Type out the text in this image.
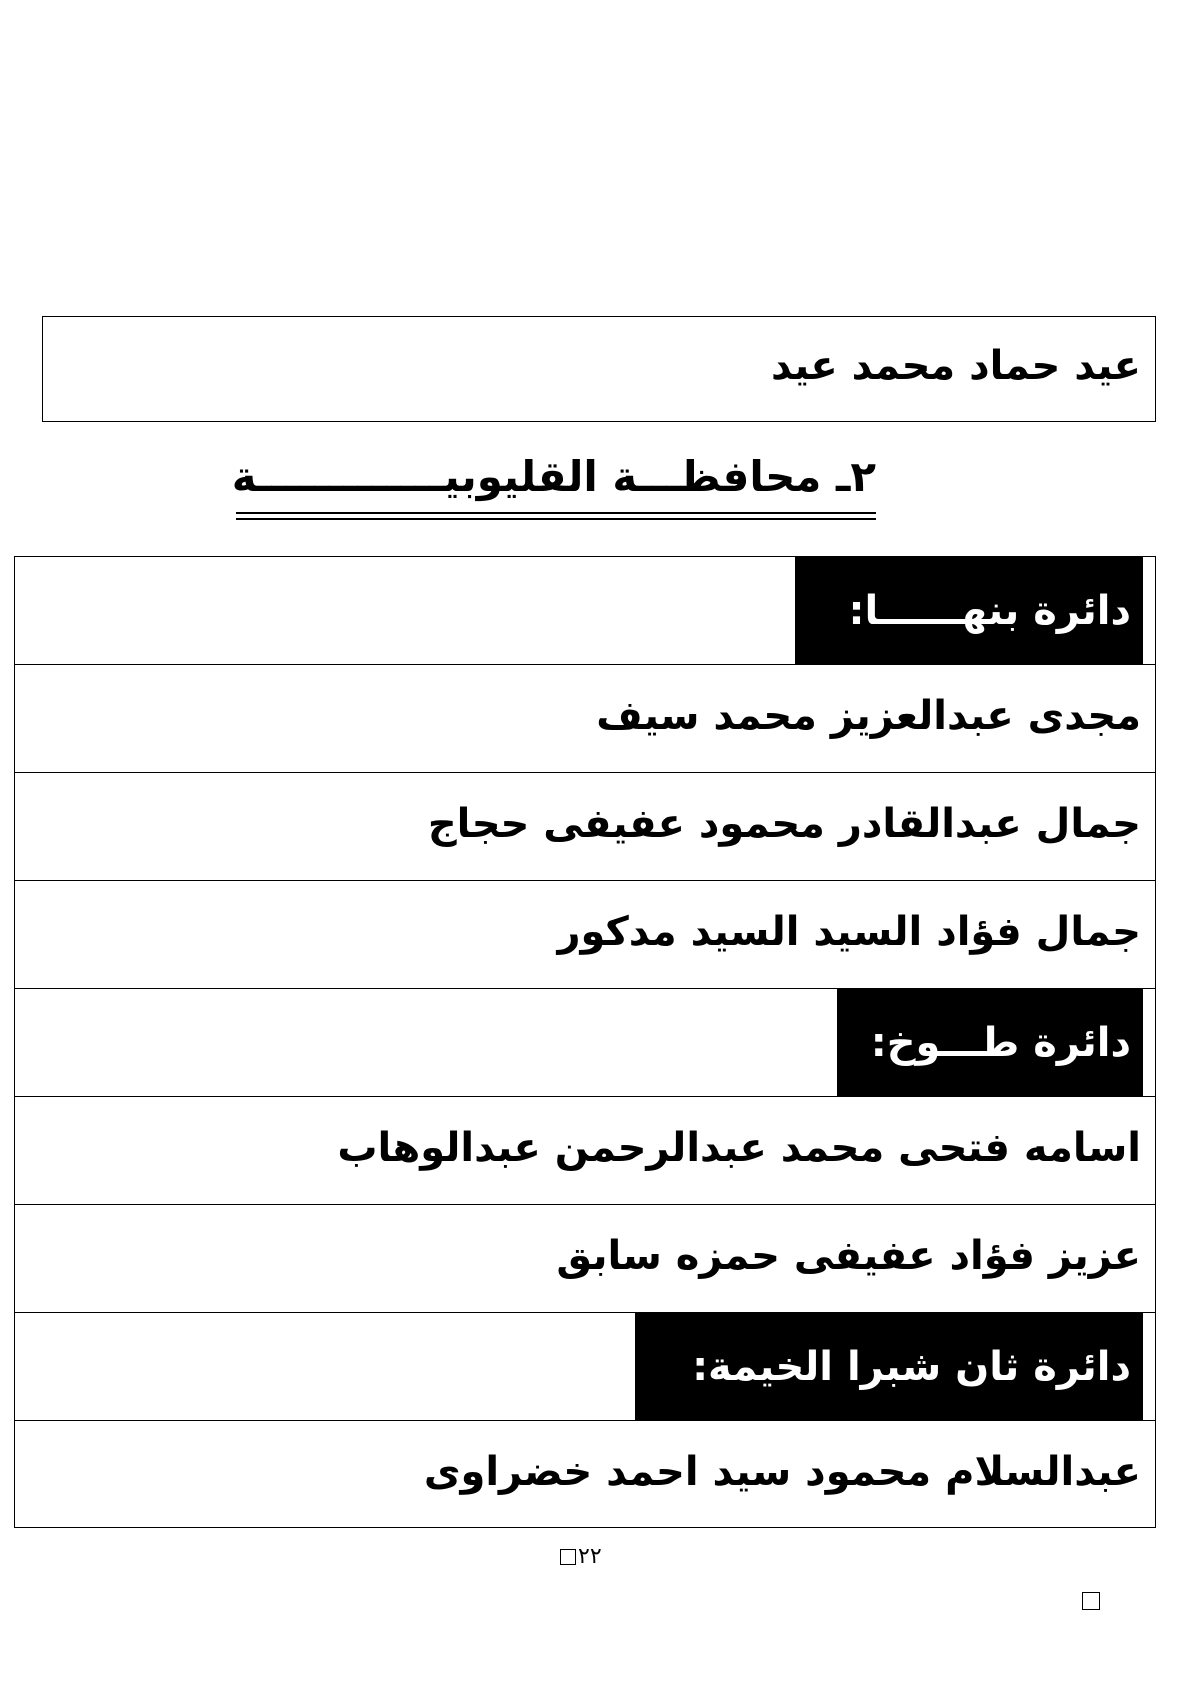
عيد حماد محمد عيد
٢ـ محافظـــة القليوبيـــــــــــــة
دائرة بنهــــــا:
مجدى عبدالعزيز محمد سيف
جمال عبدالقادر محمود عفيفى حجاج
جمال فؤاد السيد السيد مدكور
دائرة طـــوخ:
اسامه فتحى محمد عبدالرحمن عبدالوهاب
عزيز فؤاد عفيفى حمزه سابق
دائرة ثان شبرا الخيمة:
عبدالسلام محمود سيد احمد خضراوى
٢٢
